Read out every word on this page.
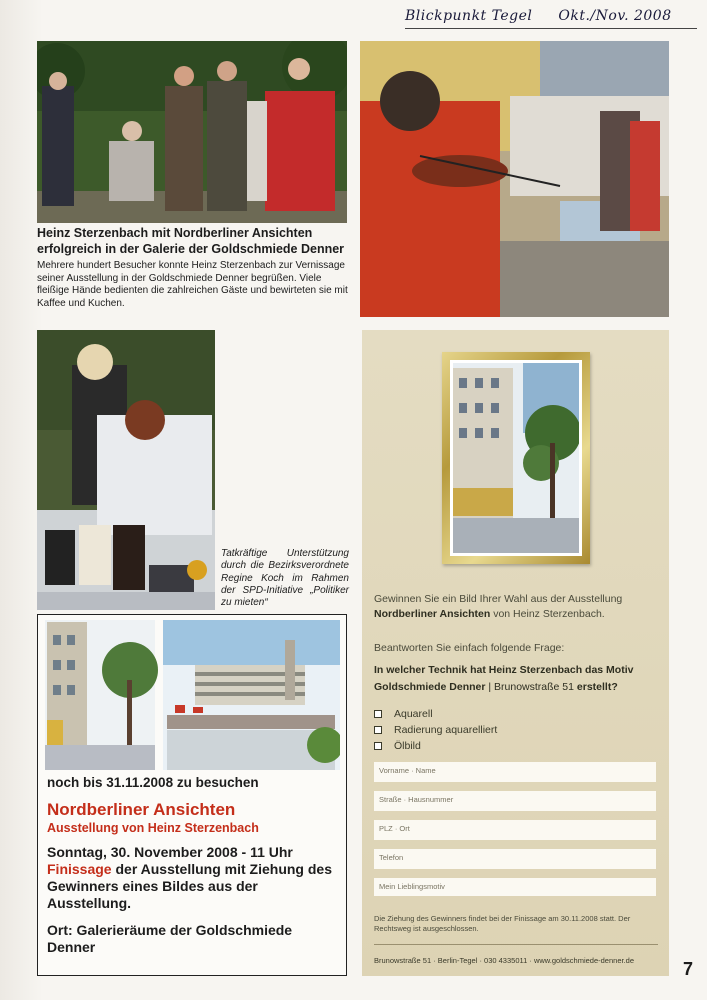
Blickpunkt Tegel Okt./Nov. 2008
Heinz Sterzenbach mit Nordberliner Ansichten erfolgreich in der Galerie der Goldschmiede Denner

Mehrere hundert Besucher konnte Heinz Sterzenbach zur Vernissage seiner Ausstellung in der Goldschmiede Denner begrüßen. Viele fleißige Hände bedienten die zahlreichen Gäste und bewirteten sie mit Kaffee und Kuchen.

Tatkräftige Unterstützung durch die Bezirksverordnete Regine Koch im Rahmen der SPD-Initiative „Politiker zu mieten“
noch bis 31.11.2008 zu besuchen
Nordberliner Ansichten
Ausstellung von Heinz Sterzenbach
Sonntag, 30. November 2008 - 11 Uhr
Finissage der Ausstellung mit Ziehung des Gewinners eines Bildes aus der Ausstellung.
Ort: Galerieräume der Goldschmiede Denner
Gewinnen Sie ein Bild Ihrer Wahl aus der Ausstellung
Nordberliner Ansichten von Heinz Sterzenbach.
Beantworten Sie einfach folgende Frage:
In welcher Technik hat Heinz Sterzenbach das Motiv
Goldschmiede Denner | Brunowstraße 51 erstellt?
Aquarell
Radierung aquarelliert
Ölbild
Vorname · Name
Straße · Hausnummer
PLZ · Ort
Telefon
Mein Lieblingsmotiv
Die Ziehung des Gewinners findet bei der Finissage am 30.11.2008 statt. Der Rechtsweg ist ausgeschlossen.
Brunowstraße 51 · Berlin-Tegel · 030 4335011 · www.goldschmiede-denner.de	7
